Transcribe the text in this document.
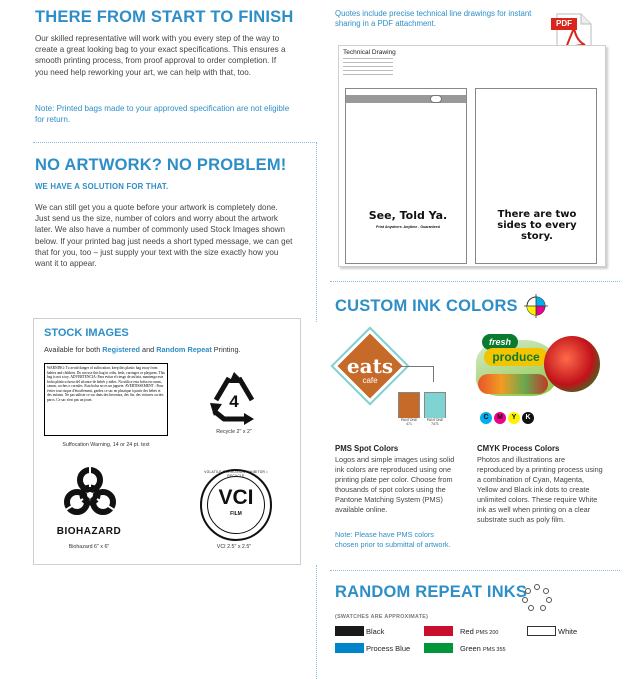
THERE FROM START TO FINISH
Our skilled representative will work with you every step of the way to create a great looking bag to your exact specifications. This ensures a smooth printing process, from proof approval to order completion. If you need help reworking your art, we can help with that, too.
Note: Printed bags made to your approved specification are not eligible for return.
NO ARTWORK? NO PROBLEM!
WE HAVE A SOLUTION FOR THAT.
We can still get you a quote before your artwork is completely done. Just send us the size, number of colors and worry about the artwork later. We also have a number of commonly used Stock Images shown below. If your printed bag just needs a short typed message, we can get that for you, too – just supply your text with the size exactly how you want it to appear.
STOCK IMAGES
Available for both Registered and Random Repeat Printing.
WARNING: To avoid danger of suffocation, keep this plastic bag away from babies and children. Do not use this bag in cribs, beds, carriages or playpens. This bag is not a toy. ADVERTENCIA: Para evitar el riesgo de asfixia, mantenga este bolsa plástica fuera del alcance de bebés y niños. No utilice esta bolsa en cunas, camas, coches o corrales. Esta bolsa no es un juguete. AVERTISSEMENT : Pour éviter tout risque d'étouffement, gardez ce sac en plastique à partir des bébés et des enfants. Ne pas utiliser ce sac dans des berceaux, des lits, des voitures ou des parcs. Ce sac n'est pas un jouet.
Suffocation Warning, 14 or 24 pt. text
4
Recycle 2" x 2"
BIOHAZARD
Biohazard 6" x 6"
VOLATILE CORROSION INHIBITOR • RECYCLE
VCI
FILM
VCI 2.5" x 2.5"
Quotes include precise technical line drawings for instant sharing in a PDF attachment.	PDF
Technical Drawing
See, Told Ya.
Print Anywhere. Anytime - Guaranteed
There are two sides to every story.
CUSTOM INK COLORS
eats
cafe
PANTONE 471
PANTONE 7471
fresh
produce
C	M	Y	K
PMS Spot Colors
Logos and simple images using solid ink colors are reproduced using one printing plate per color. Choose from thousands of spot colors using the Pantone Matching System (PMS) available online.
Note: Please have PMS colors chosen prior to submittal of artwork.
CMYK Process Colors
Photos and illustrations are reproduced by a printing process using a combination of Cyan, Magenta, Yellow and Black ink dots to create unlimited colors. These require White ink as well when printing on a clear substrate such as poly film.
RANDOM REPEAT INKS
(SWATCHES ARE APPROXIMATE)
Black	Red PMS 200	White
Process Blue	Green PMS 355
